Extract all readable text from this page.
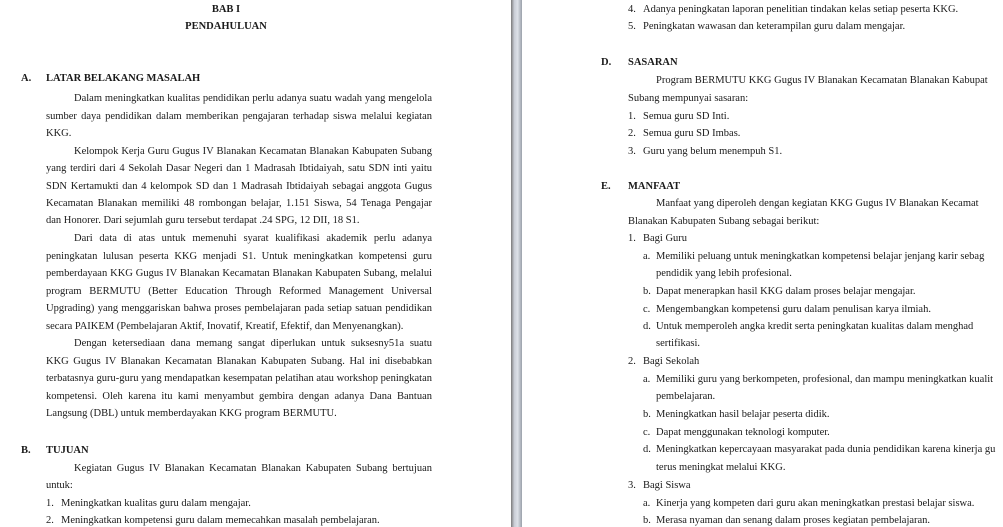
BAB I
PENDAHULUAN
A. LATAR BELAKANG MASALAH
Dalam meningkatkan kualitas pendidikan perlu adanya suatu wadah yang mengelola
sumber daya pendidikan dalam memberikan pengajaran terhadap siswa melalui kegiatan
KKG.
Kelompok Kerja Guru Gugus IV Blanakan Kecamatan Blanakan Kabupaten Subang
yang terdiri dari 4 Sekolah Dasar Negeri dan 1 Madrasah Ibtidaiyah, satu SDN inti yaitu
SDN Kertamukti dan 4 kelompok SD dan 1 Madrasah Ibtidaiyah sebagai anggota Gugus
Kecamatan Blanakan memiliki 48 rombongan belajar, 1.151 Siswa, 54 Tenaga Pengajar
dan Honorer. Dari sejumlah guru tersebut terdapat .24 SPG, 12 DII, 18 S1.
Dari data di atas untuk memenuhi syarat kualifikasi akademik perlu adanya
peningkatan lulusan peserta KKG menjadi S1. Untuk meningkatkan kompetensi guru
pemberdayaan KKG Gugus IV Blanakan Kecamatan Blanakan Kabupaten Subang, melalui
program BERMUTU (Better Education Through Reformed Management Universal
Upgrading) yang menggariskan bahwa proses pembelajaran pada setiap satuan pendidikan
secara PAIKEM (Pembelajaran Aktif, Inovatif, Kreatif, Efektif, dan Menyenangkan).
Dengan ketersediaan dana memang sangat diperlukan untuk suksesny51a suatu
KKG Gugus IV Blanakan Kecamatan Blanakan Kabupaten Subang. Hal ini disebabkan
terbatasnya guru-guru yang mendapatkan kesempatan pelatihan atau workshop peningkatan
kompetensi. Oleh karena itu kami menyambut gembira dengan adanya Dana Bantuan
Langsung (DBL) untuk memberdayakan KKG program BERMUTU.
B. TUJUAN
Kegiatan Gugus IV Blanakan Kecamatan Blanakan Kabupaten Subang bertujuan
untuk:
1. Meningkatkan kualitas guru dalam mengajar.
2. Meningkatkan kompetensi guru dalam memecahkan masalah pembelajaran.
4. Adanya peningkatan laporan penelitian tindakan kelas setiap peserta KKG.
5. Peningkatan wawasan dan keterampilan guru dalam mengajar.
D. SASARAN
Program BERMUTU KKG Gugus IV Blanakan Kecamatan Blanakan Kabupat
Subang mempunyai sasaran:
1. Semua guru SD Inti.
2. Semua guru SD Imbas.
3. Guru yang belum menempuh S1.
E. MANFAAT
Manfaat yang diperoleh dengan kegiatan KKG Gugus IV Blanakan Kecamat
Blanakan Kabupaten Subang sebagai berikut:
1. Bagi Guru
a. Memiliki peluang untuk meningkatkan kompetensi belajar jenjang karir sebag
pendidik yang lebih profesional.
b. Dapat menerapkan hasil KKG dalam proses belajar mengajar.
c. Mengembangkan kompetensi guru dalam penulisan karya ilmiah.
d. Untuk memperoleh angka kredit serta peningkatan kualitas dalam menghad
sertifikasi.
2. Bagi Sekolah
a. Memiliki guru yang berkompeten, profesional, dan mampu meningkatkan kualit
pembelajaran.
b. Meningkatkan hasil belajar peserta didik.
c. Dapat menggunakan teknologi komputer.
d. Meningkatkan kepercayaan masyarakat pada dunia pendidikan karena kinerja gu
terus meningkat melalui KKG.
3. Bagi Siswa
a. Kinerja yang kompeten dari guru akan meningkatkan prestasi belajar siswa.
b. Merasa nyaman dan senang dalam proses kegiatan pembelajaran.
